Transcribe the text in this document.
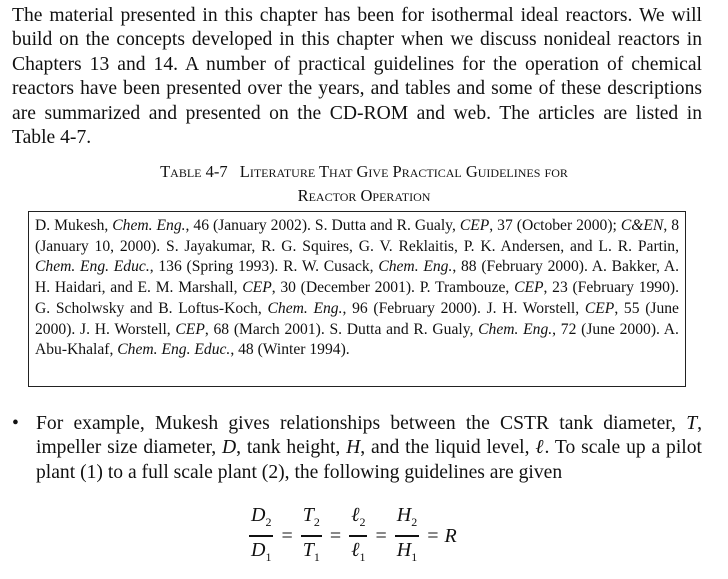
The material presented in this chapter has been for isothermal ideal reactors. We will build on the concepts developed in this chapter when we discuss nonideal reactors in Chapters 13 and 14. A number of practical guidelines for the operation of chemical reactors have been presented over the years, and tables and some of these descriptions are summarized and presented on the CD-ROM and web. The articles are listed in Table 4-7.
Table 4-7 Literature That Give Practical Guidelines for
Reactor Operation
D. Mukesh, Chem. Eng., 46 (January 2002). S. Dutta and R. Gualy, CEP, 37 (October 2000); C&EN, 8 (January 10, 2000). S. Jayakumar, R. G. Squires, G. V. Reklaitis, P. K. Andersen, and L. R. Partin, Chem. Eng. Educ., 136 (Spring 1993). R. W. Cusack, Chem. Eng., 88 (February 2000). A. Bakker, A. H. Haidari, and E. M. Marshall, CEP, 30 (December 2001). P. Trambouze, CEP, 23 (February 1990). G. Scholwsky and B. Loftus-Koch, Chem. Eng., 96 (February 2000). J. H. Worstell, CEP, 55 (June 2000). J. H. Worstell, CEP, 68 (March 2001). S. Dutta and R. Gualy, Chem. Eng., 72 (June 2000). A. Abu-Khalaf, Chem. Eng. Educ., 48 (Winter 1994).
• For example, Mukesh gives relationships between the CSTR tank diameter, T, impeller size diameter, D, tank height, H, and the liquid level, ℓ. To scale up a pilot plant (1) to a full scale plant (2), the following guidelines are given
$\frac{D_2}{D_1} = \frac{T_2}{T_1} = \frac{\ell_2}{\ell_1} = \frac{H_2}{H_1} = R$
